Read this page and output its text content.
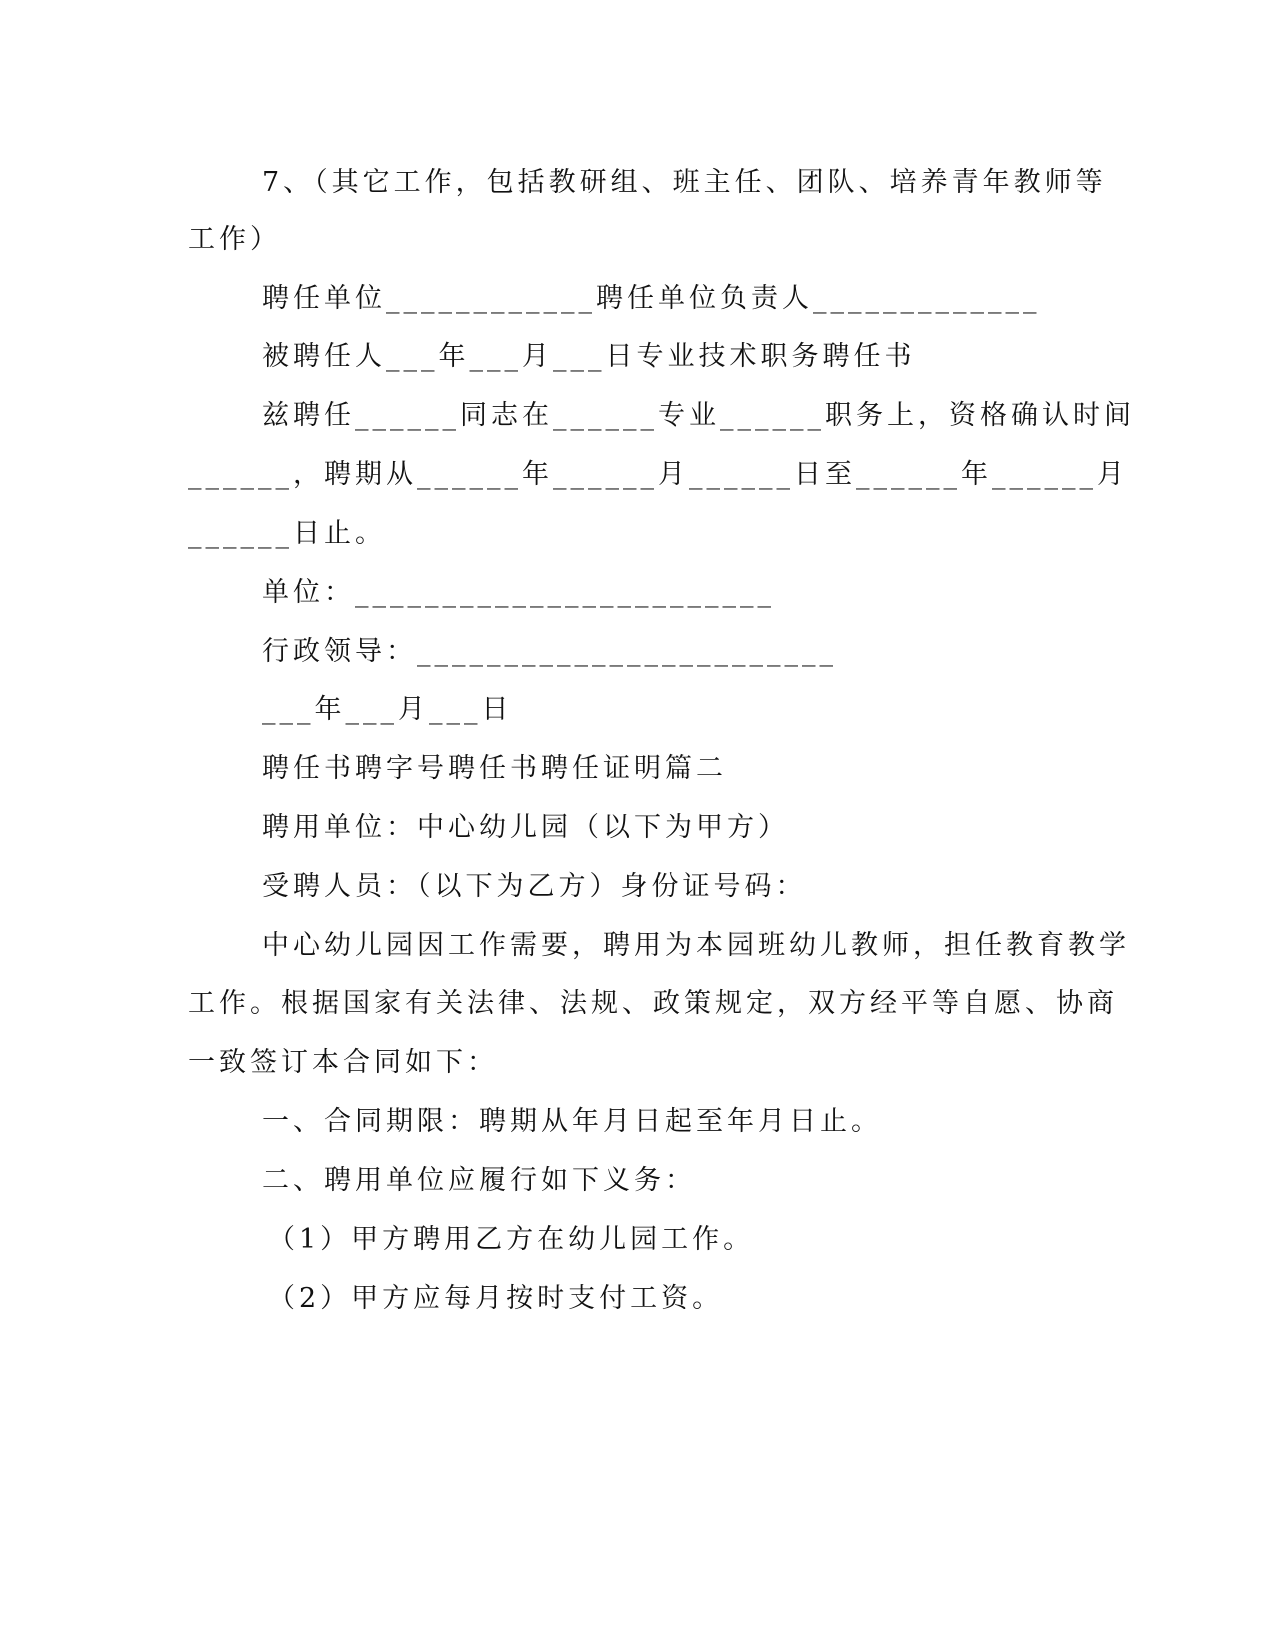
7、（其它工作，包括教研组、班主任、团队、培养青年教师等
工作）
聘任单位____________聘任单位负责人_____________
被聘任人___年___月___日专业技术职务聘任书
兹聘任______同志在______专业______职务上，资格确认时间
______，聘期从______年______月______日至______年______月
______日止。
单位：________________________
行政领导：________________________
___年___月___日
聘任书聘字号聘任书聘任证明篇二
聘用单位：中心幼儿园（以下为甲方）
受聘人员：（以下为乙方）身份证号码：
中心幼儿园因工作需要，聘用为本园班幼儿教师，担任教育教学
工作。根据国家有关法律、法规、政策规定，双方经平等自愿、协商
一致签订本合同如下：
一、合同期限：聘期从年月日起至年月日止。
二、聘用单位应履行如下义务：
（1）甲方聘用乙方在幼儿园工作。
（2）甲方应每月按时支付工资。
